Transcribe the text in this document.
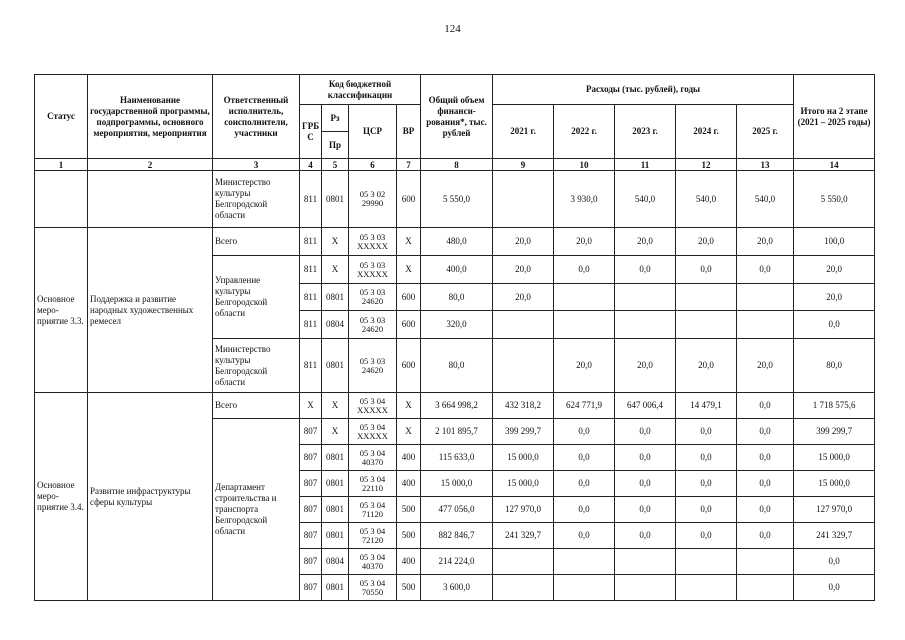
124
Статус	Наименование государственной программы, подпрограммы, основного мероприятия, мероприятия	Ответственный исполнитель, соисполнители, участники	Код бюджетной классификации				Общий объем финанси-рования*, тыс. рублей	Расходы (тыс. рублей), годы					Итого на 2 этапе (2021 – 2025 годы)
			ГРБ С	Рз	ЦСР	ВР		2021 г.	2022 г.	2023 г.	2024 г.	2025 г.	
				Пр									
1	2	3	4	5	6	7	8	9	10	11	12	13	14
		Министерство культуры Белгородской области	811	0801	05 3 02 29990	600	5 550,0		3 930,0	540,0	540,0	540,0	5 550,0
Основное меро-приятие 3.3.	Поддержка и развитие народных художественных ремесел	Всего	811	Х	05 3 03 ХХХХХ	Х	480,0	20,0	20,0	20,0	20,0	20,0	100,0
		Управление культуры Белгородской области	811	Х	05 3 03 ХХХХХ	Х	400,0	20,0	0,0	0,0	0,0	0,0	20,0
			811	0801	05 3 03 24620	600	80,0	20,0					20,0
			811	0804	05 3 03 24620	600	320,0						0,0
		Министерство культуры Белгородской области	811	0801	05 3 03 24620	600	80,0		20,0	20,0	20,0	20,0	80,0
Основное меро-приятие 3.4.	Развитие инфраструктуры сферы культуры	Всего	Х	Х	05 3 04 ХХХХХ	Х	3 664 998,2	432 318,2	624 771,9	647 006,4	14 479,1	0,0	1 718 575,6
		Департамент строительства и транспорта Белгородской области	807	Х	05 3 04 ХХХХХ	Х	2 101 895,7	399 299,7	0,0	0,0	0,0	0,0	399 299,7
			807	0801	05 3 04 40370	400	115 633,0	15 000,0	0,0	0,0	0,0	0,0	15 000,0
			807	0801	05 3 04 22110	400	15 000,0	15 000,0	0,0	0,0	0,0	0,0	15 000,0
			807	0801	05 3 04 71120	500	477 056,0	127 970,0	0,0	0,0	0,0	0,0	127 970,0
			807	0801	05 3 04 72120	500	882 846,7	241 329,7	0,0	0,0	0,0	0,0	241 329,7
			807	0804	05 3 04 40370	400	214 224,0						0,0
			807	0801	05 3 04 70550	500	3 600,0						0,0
